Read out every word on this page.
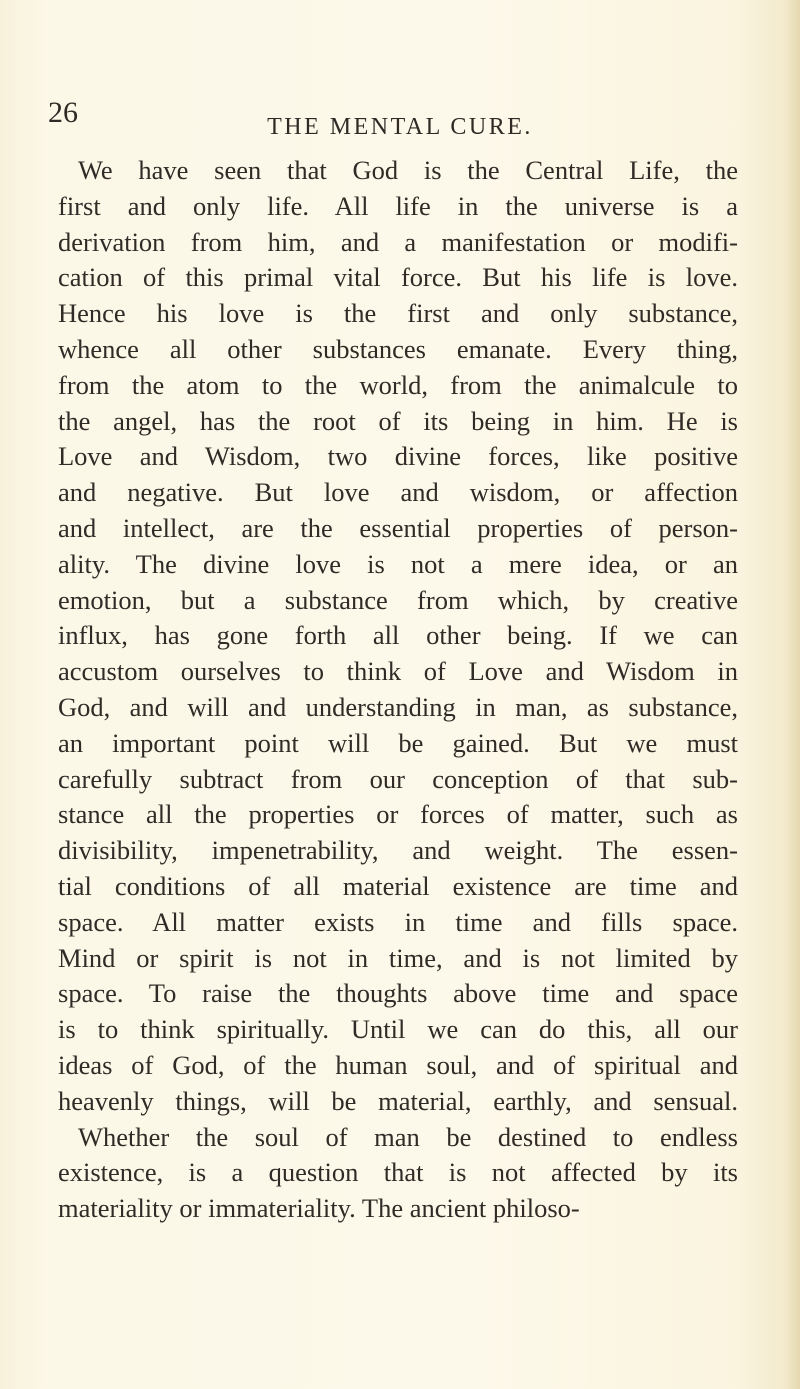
26	THE MENTAL CURE.
We have seen that God is the Central Life, the
first and only life. All life in the universe is a
derivation from him, and a manifestation or modifi-
cation of this primal vital force. But his life is love.
Hence his love is the first and only substance,
whence all other substances emanate. Every thing,
from the atom to the world, from the animalcule to
the angel, has the root of its being in him. He is
Love and Wisdom, two divine forces, like positive
and negative. But love and wisdom, or affection
and intellect, are the essential properties of person-
ality. The divine love is not a mere idea, or an
emotion, but a substance from which, by creative
influx, has gone forth all other being. If we can
accustom ourselves to think of Love and Wisdom in
God, and will and understanding in man, as substance,
an important point will be gained. But we must
carefully subtract from our conception of that sub-
stance all the properties or forces of matter, such as
divisibility, impenetrability, and weight. The essen-
tial conditions of all material existence are time and
space. All matter exists in time and fills space.
Mind or spirit is not in time, and is not limited by
space. To raise the thoughts above time and space
is to think spiritually. Until we can do this, all our
ideas of God, of the human soul, and of spiritual and
heavenly things, will be material, earthly, and sensual.
Whether the soul of man be destined to endless
existence, is a question that is not affected by its
materiality or immateriality. The ancient philoso-
